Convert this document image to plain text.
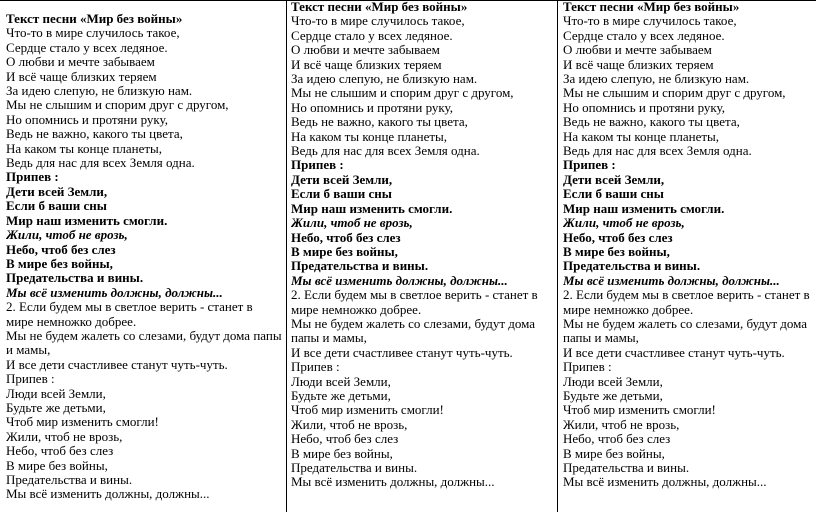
Текст песни «Мир без войны»
Что-то в мире случилось такое,
Сердце стало у всех ледяное.
О любви и мечте забываем
И всё чаще близких теряем
За идею слепую, не близкую нам.
Мы не слышим и спорим друг с другом,
Но опомнись и протяни руку,
Ведь не важно, какого ты цвета,
На каком ты конце планеты,
Ведь для нас для всех Земля одна.
Припев :
Дети всей Земли,
Если б ваши сны
Мир наш изменить смогли.
Жили, чтоб не врозь,
Небо, чтоб без слез
В мире без войны,
Предательства и вины.
Мы всё изменить должны, должны...
2. Если будем мы в светлое верить - станет в мире немножко добрее.
Мы не будем жалеть со слезами, будут дома папы и мамы,
И все дети счастливее станут чуть-чуть.
Припев :
Люди всей Земли,
Будьте же детьми,
Чтоб мир изменить смогли!
Жили, чтоб не врозь,
Небо, чтоб без слез
В мире без войны,
Предательства и вины.
Мы всё изменить должны, должны...
Текст песни «Мир без войны»
Что-то в мире случилось такое,
Сердце стало у всех ледяное.
О любви и мечте забываем
И всё чаще близких теряем
За идею слепую, не близкую нам.
Мы не слышим и спорим друг с другом,
Но опомнись и протяни руку,
Ведь не важно, какого ты цвета,
На каком ты конце планеты,
Ведь для нас для всех Земля одна.
Припев :
Дети всей Земли,
Если б ваши сны
Мир наш изменить смогли.
Жили, чтоб не врозь,
Небо, чтоб без слез
В мире без войны,
Предательства и вины.
Мы всё изменить должны, должны...
2. Если будем мы в светлое верить - станет в мире немножко добрее.
Мы не будем жалеть со слезами, будут дома папы и мамы,
И все дети счастливее станут чуть-чуть.
Припев :
Люди всей Земли,
Будьте же детьми,
Чтоб мир изменить смогли!
Жили, чтоб не врозь,
Небо, чтоб без слез
В мире без войны,
Предательства и вины.
Мы всё изменить должны, должны...
Текст песни «Мир без войны»
Что-то в мире случилось такое,
Сердце стало у всех ледяное.
О любви и мечте забываем
И всё чаще близких теряем
За идею слепую, не близкую нам.
Мы не слышим и спорим друг с другом,
Но опомнись и протяни руку,
Ведь не важно, какого ты цвета,
На каком ты конце планеты,
Ведь для нас для всех Земля одна.
Припев :
Дети всей Земли,
Если б ваши сны
Мир наш изменить смогли.
Жили, чтоб не врозь,
Небо, чтоб без слез
В мире без войны,
Предательства и вины.
Мы всё изменить должны, должны...
2. Если будем мы в светлое верить - станет в мире немножко добрее.
Мы не будем жалеть со слезами, будут дома папы и мамы,
И все дети счастливее станут чуть-чуть.
Припев :
Люди всей Земли,
Будьте же детьми,
Чтоб мир изменить смогли!
Жили, чтоб не врозь,
Небо, чтоб без слез
В мире без войны,
Предательства и вины.
Мы всё изменить должны, должны...
